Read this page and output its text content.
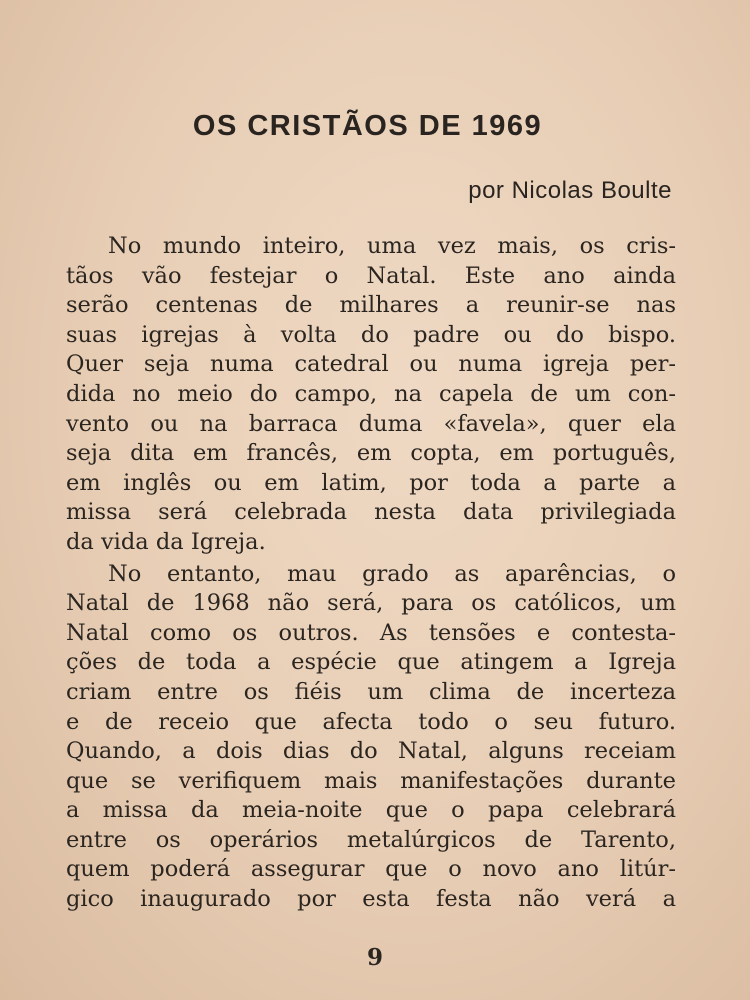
OS CRISTÃOS DE 1969
por Nicolas Boulte
No mundo inteiro, uma vez mais, os cris-
tãos vão festejar o Natal. Este ano ainda
serão centenas de milhares a reunir-se nas
suas igrejas à volta do padre ou do bispo.
Quer seja numa catedral ou numa igreja per-
dida no meio do campo, na capela de um con-
vento ou na barraca duma «favela», quer ela
seja dita em francês, em copta, em português,
em inglês ou em latim, por toda a parte a
missa será celebrada nesta data privilegiada
da vida da Igreja.
No entanto, mau grado as aparências, o
Natal de 1968 não será, para os católicos, um
Natal como os outros. As tensões e contesta-
ções de toda a espécie que atingem a Igreja
criam entre os fiéis um clima de incerteza
e de receio que afecta todo o seu futuro.
Quando, a dois dias do Natal, alguns receiam
que se verifiquem mais manifestações durante
a missa da meia-noite que o papa celebrará
entre os operários metalúrgicos de Tarento,
quem poderá assegurar que o novo ano litúr-
gico inaugurado por esta festa não verá a
9
